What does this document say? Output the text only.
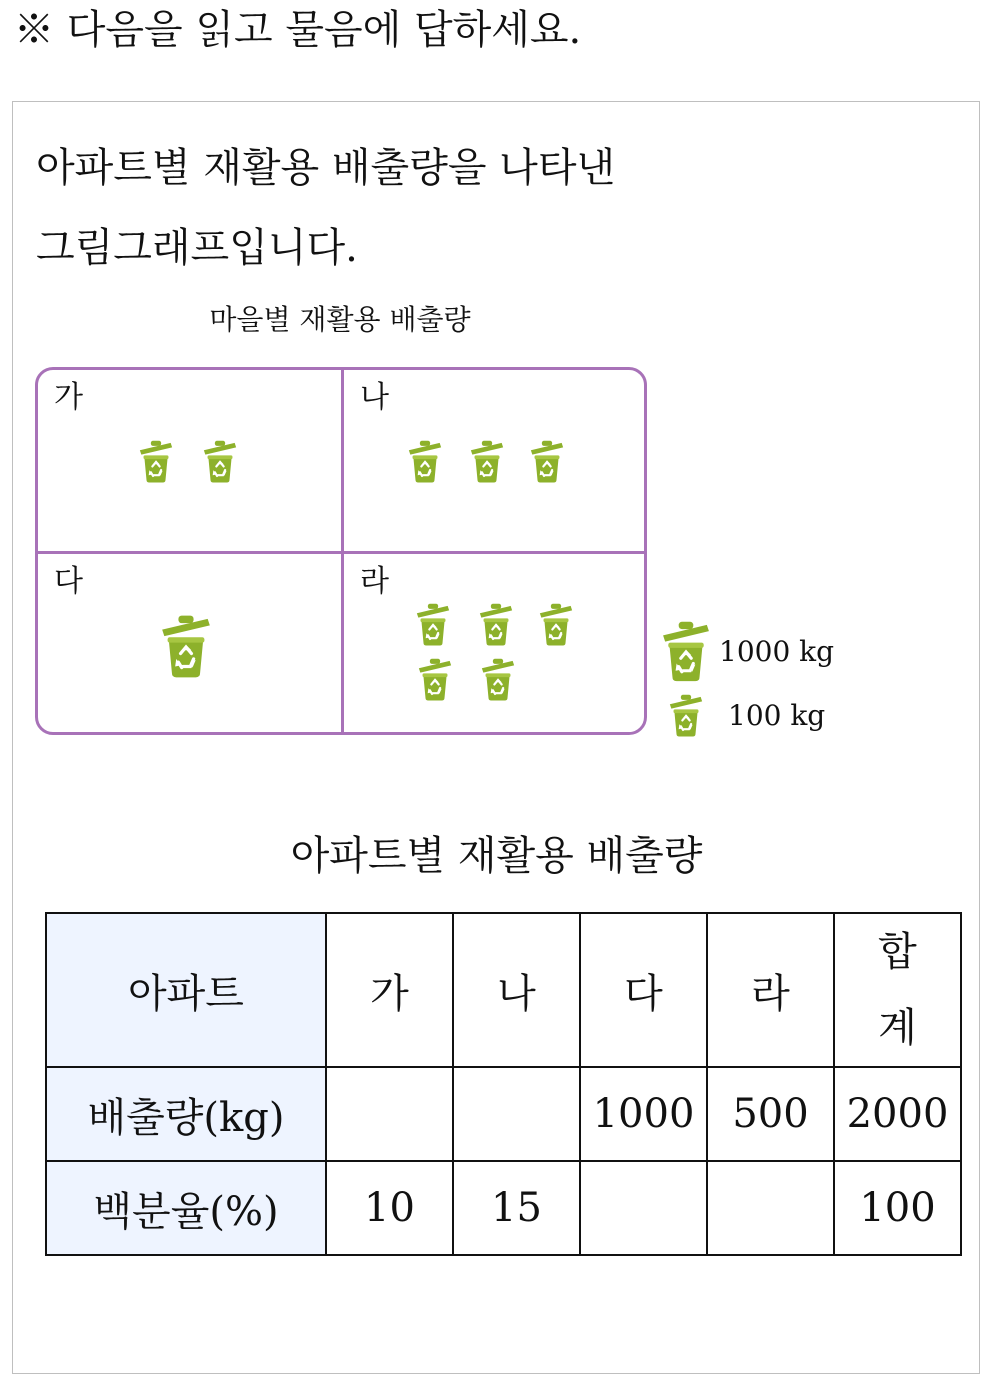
※ 다음을 읽고 물음에 답하세요.
아파트별 재활용 배출량을 나타낸
그림그래프입니다.
마을별 재활용 배출량
가	나
다	라
1000 kg
100 kg
아파트별 재활용 배출량
아파트	가	나	다	라	합
계
배출량(kg)			1000	500	2000
백분율(%)	10	15			100
